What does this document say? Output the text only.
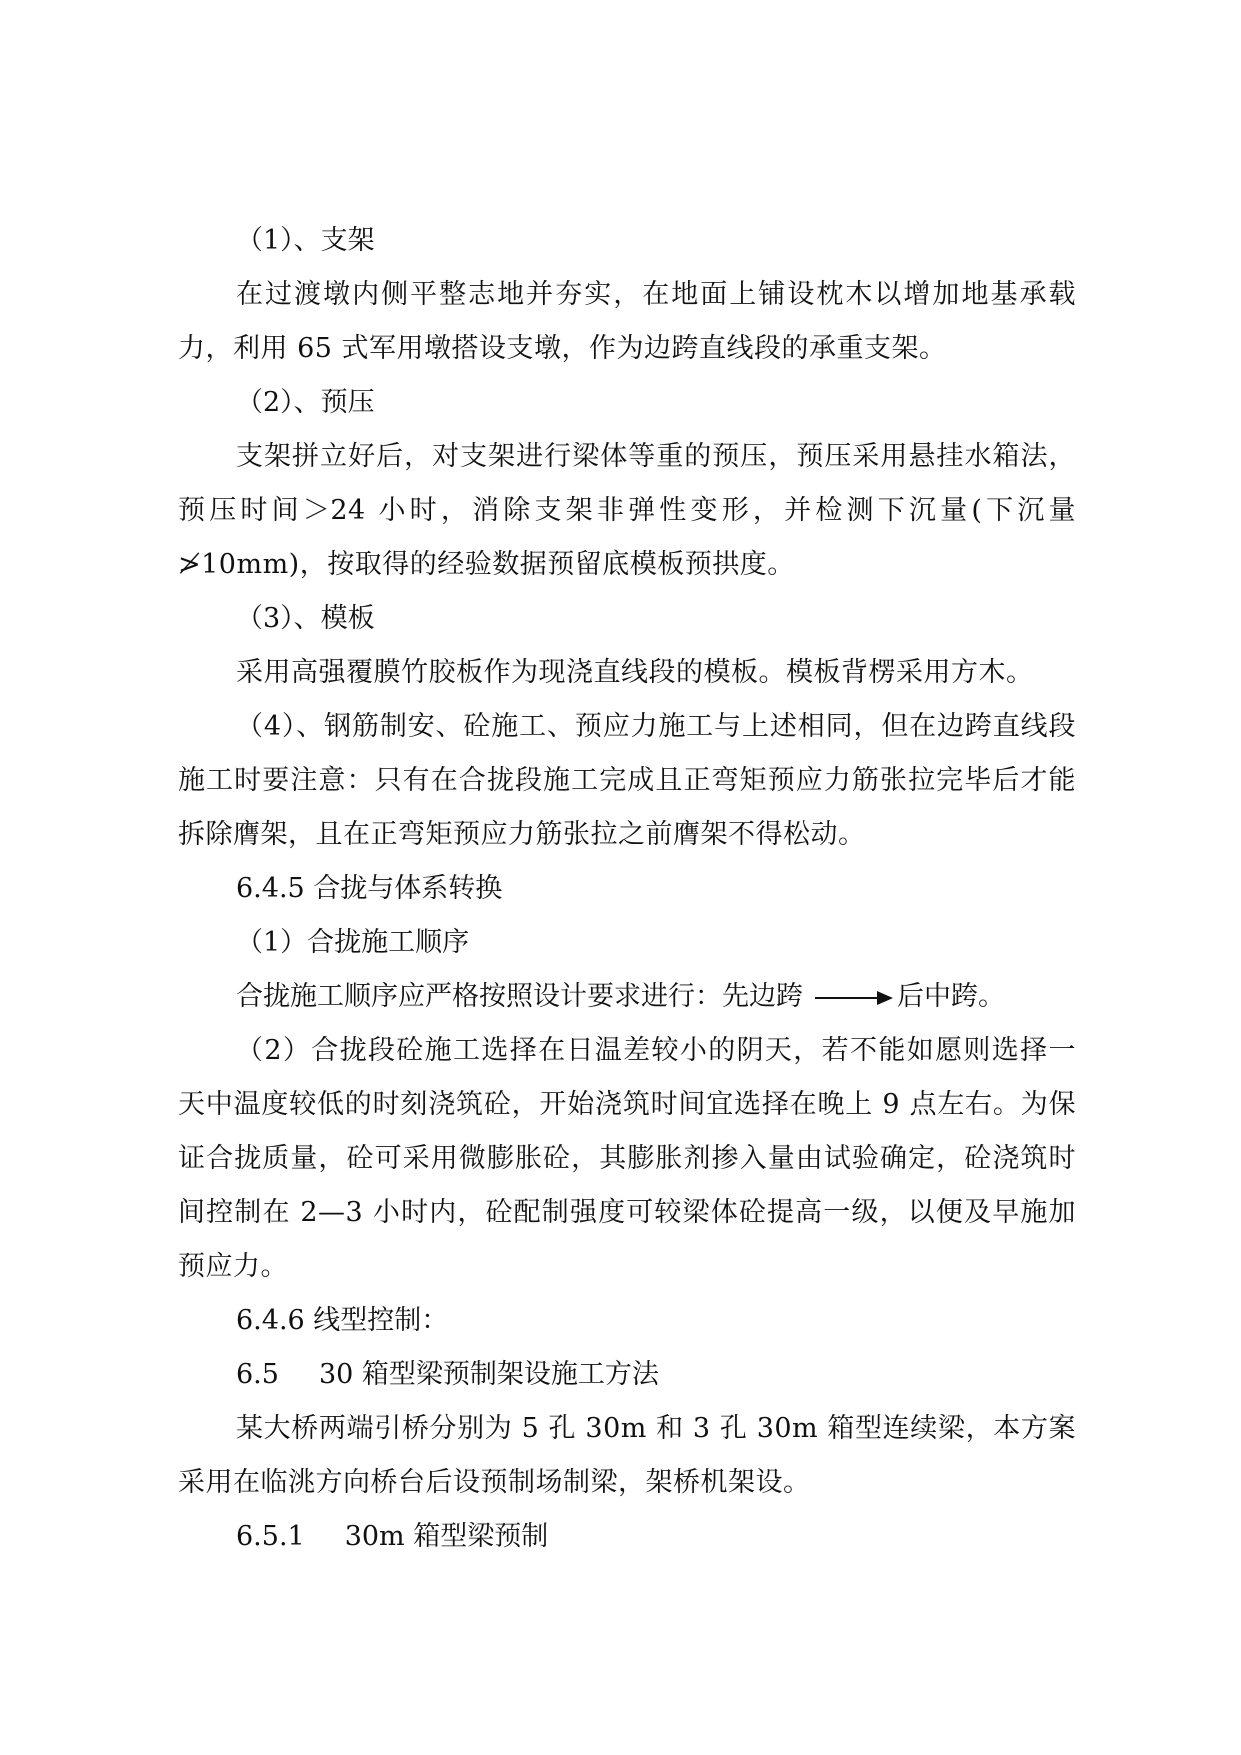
（1）、支架

在过渡墩内侧平整志地并夯实，在地面上铺设枕木以增加地基承载力，利用 65 式军用墩搭设支墩，作为边跨直线段的承重支架。

（2）、预压

支架拼立好后，对支架进行梁体等重的预压，预压采用悬挂水箱法，预压时间＞24 小时，消除支架非弹性变形，并检测下沉量(下沉量≯10mm)，按取得的经验数据预留底模板预拱度。

（3）、模板

采用高强覆膜竹胶板作为现浇直线段的模板。模板背楞采用方木。

（4）、钢筋制安、砼施工、预应力施工与上述相同，但在边跨直线段施工时要注意：只有在合拢段施工完成且正弯矩预应力筋张拉完毕后才能拆除膺架，且在正弯矩预应力筋张拉之前膺架不得松动。

6.4.5 合拢与体系转换

（1）合拢施工顺序

合拢施工顺序应严格按照设计要求进行：先边跨	后中跨。

（2）合拢段砼施工选择在日温差较小的阴天，若不能如愿则选择一天中温度较低的时刻浇筑砼，开始浇筑时间宜选择在晚上 9 点左右。为保证合拢质量，砼可采用微膨胀砼，其膨胀剂掺入量由试验确定，砼浇筑时间控制在 2—3 小时内，砼配制强度可较梁体砼提高一级，以便及早施加预应力。

6.4.6 线型控制：

6.5 30 箱型梁预制架设施工方法

某大桥两端引桥分别为 5 孔 30m 和 3 孔 30m 箱型连续梁，本方案采用在临洮方向桥台后设预制场制梁，架桥机架设。

6.5.1 30m 箱型梁预制
